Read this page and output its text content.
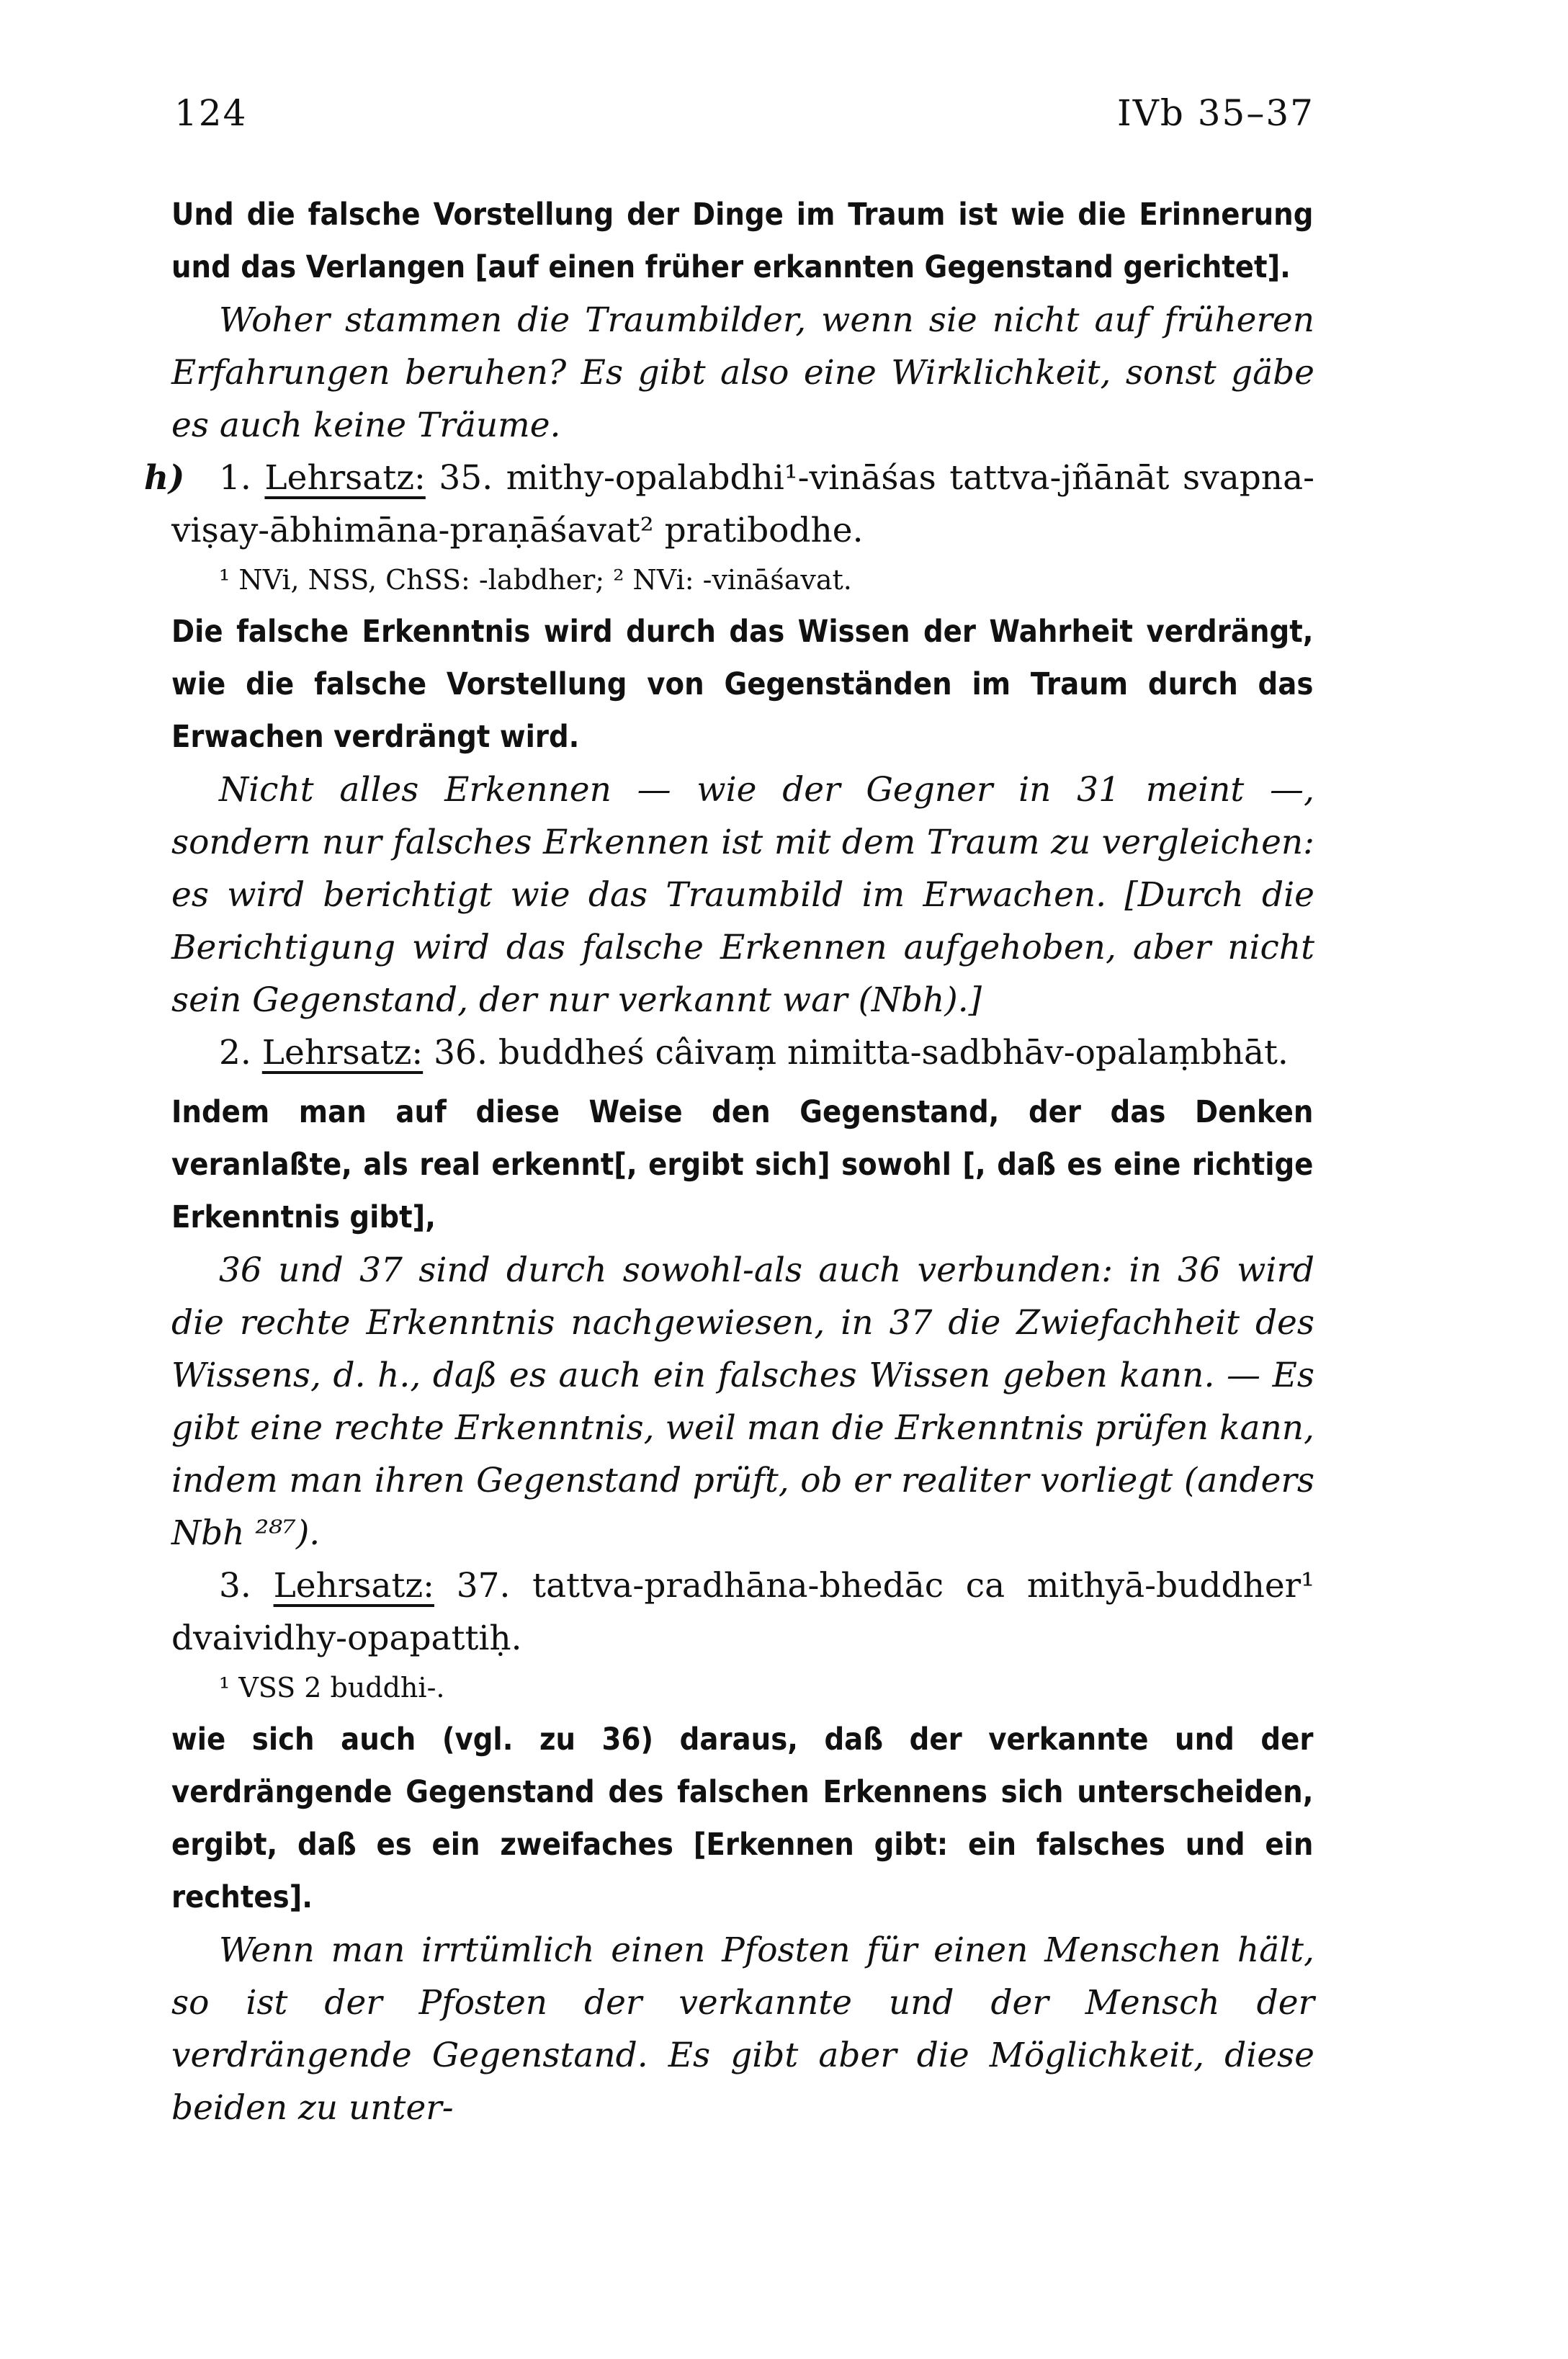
124	IVb 35–37

Und die falsche Vorstellung der Dinge im Traum ist wie die Erinnerung und das Verlangen [auf einen früher erkannten Gegenstand gerichtet].

Woher stammen die Traumbilder, wenn sie nicht auf früheren Erfahrungen beruhen? Es gibt also eine Wirklichkeit, sonst gäbe es auch keine Träume.

h) 1. Lehrsatz: 35. mithy-opalabdhi¹-vināśas tattva-jñānāt svapna-viṣay-ābhimāna-praṇāśavat² pratibodhe.

¹ NVi, NSS, ChSS: -labdher; ² NVi: -vināśavat.

Die falsche Erkenntnis wird durch das Wissen der Wahrheit verdrängt, wie die falsche Vorstellung von Gegenständen im Traum durch das Erwachen verdrängt wird.

Nicht alles Erkennen — wie der Gegner in 31 meint —, sondern nur falsches Erkennen ist mit dem Traum zu vergleichen: es wird berichtigt wie das Traumbild im Erwachen. [Durch die Berichtigung wird das falsche Erkennen aufgehoben, aber nicht sein Gegenstand, der nur verkannt war (Nbh).]

2. Lehrsatz: 36. buddheś câivaṃ nimitta-sadbhāv-opalaṃbhāt.

Indem man auf diese Weise den Gegenstand, der das Denken veranlaßte, als real erkennt[, ergibt sich] sowohl [, daß es eine richtige Erkenntnis gibt],

36 und 37 sind durch sowohl-als auch verbunden: in 36 wird die rechte Erkenntnis nachgewiesen, in 37 die Zwiefachheit des Wissens, d. h., daß es auch ein falsches Wissen geben kann. — Es gibt eine rechte Erkenntnis, weil man die Erkenntnis prüfen kann, indem man ihren Gegenstand prüft, ob er realiter vorliegt (anders Nbh ²⁸⁷).

3. Lehrsatz: 37. tattva-pradhāna-bhedāc ca mithyā-buddher¹ dvaividhy-opapattiḥ.

¹ VSS 2 buddhi-.

wie sich auch (vgl. zu 36) daraus, daß der verkannte und der verdrängende Gegenstand des falschen Erkennens sich unterscheiden, ergibt, daß es ein zweifaches [Erkennen gibt: ein falsches und ein rechtes].

Wenn man irrtümlich einen Pfosten für einen Menschen hält, so ist der Pfosten der verkannte und der Mensch der verdrängende Gegenstand. Es gibt aber die Möglichkeit, diese beiden zu unter-
